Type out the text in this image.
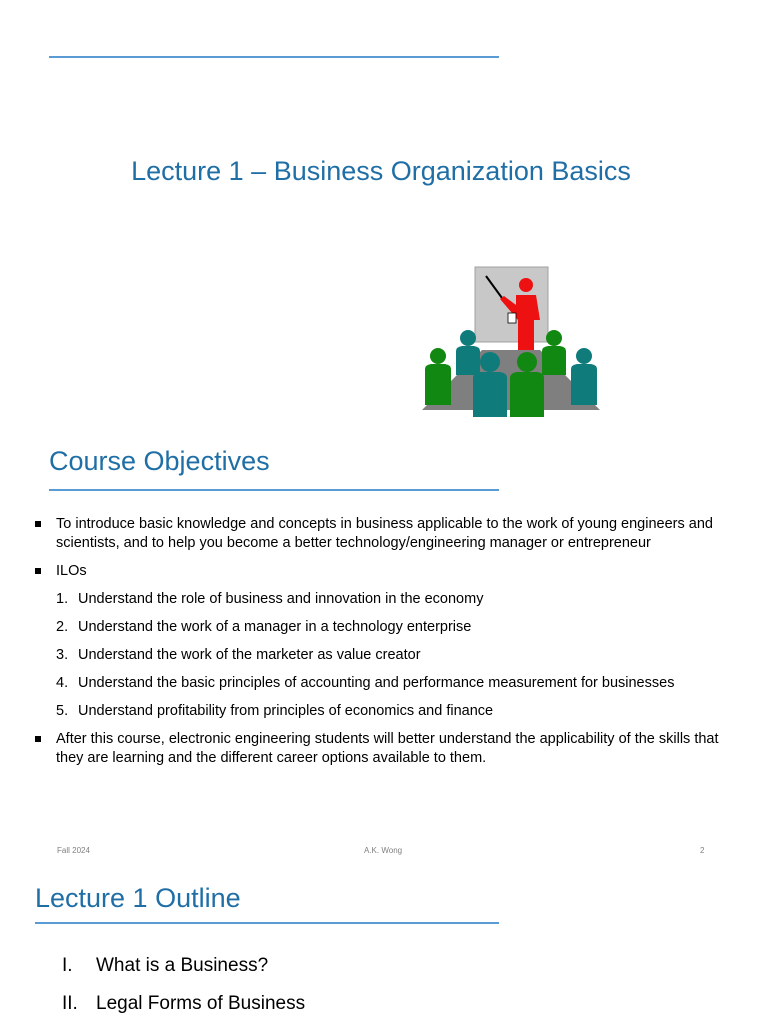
Lecture 1 – Business Organization Basics
Course Objectives
To introduce basic knowledge and concepts in business applicable to the work of young engineers and scientists, and to help you become a better technology/engineering manager or entrepreneur
ILOs
1. Understand the role of business and innovation in the economy
2. Understand the work of a manager in a technology enterprise
3. Understand the work of the marketer as value creator
4. Understand the basic principles of accounting and performance measurement for businesses
5. Understand profitability from principles of economics and finance
After this course, electronic engineering students will better understand the applicability of the skills that they are learning and the different career options available to them.
Fall 2024	A.K. Wong	2
Lecture 1 Outline
I. What is a Business?
II. Legal Forms of Business
